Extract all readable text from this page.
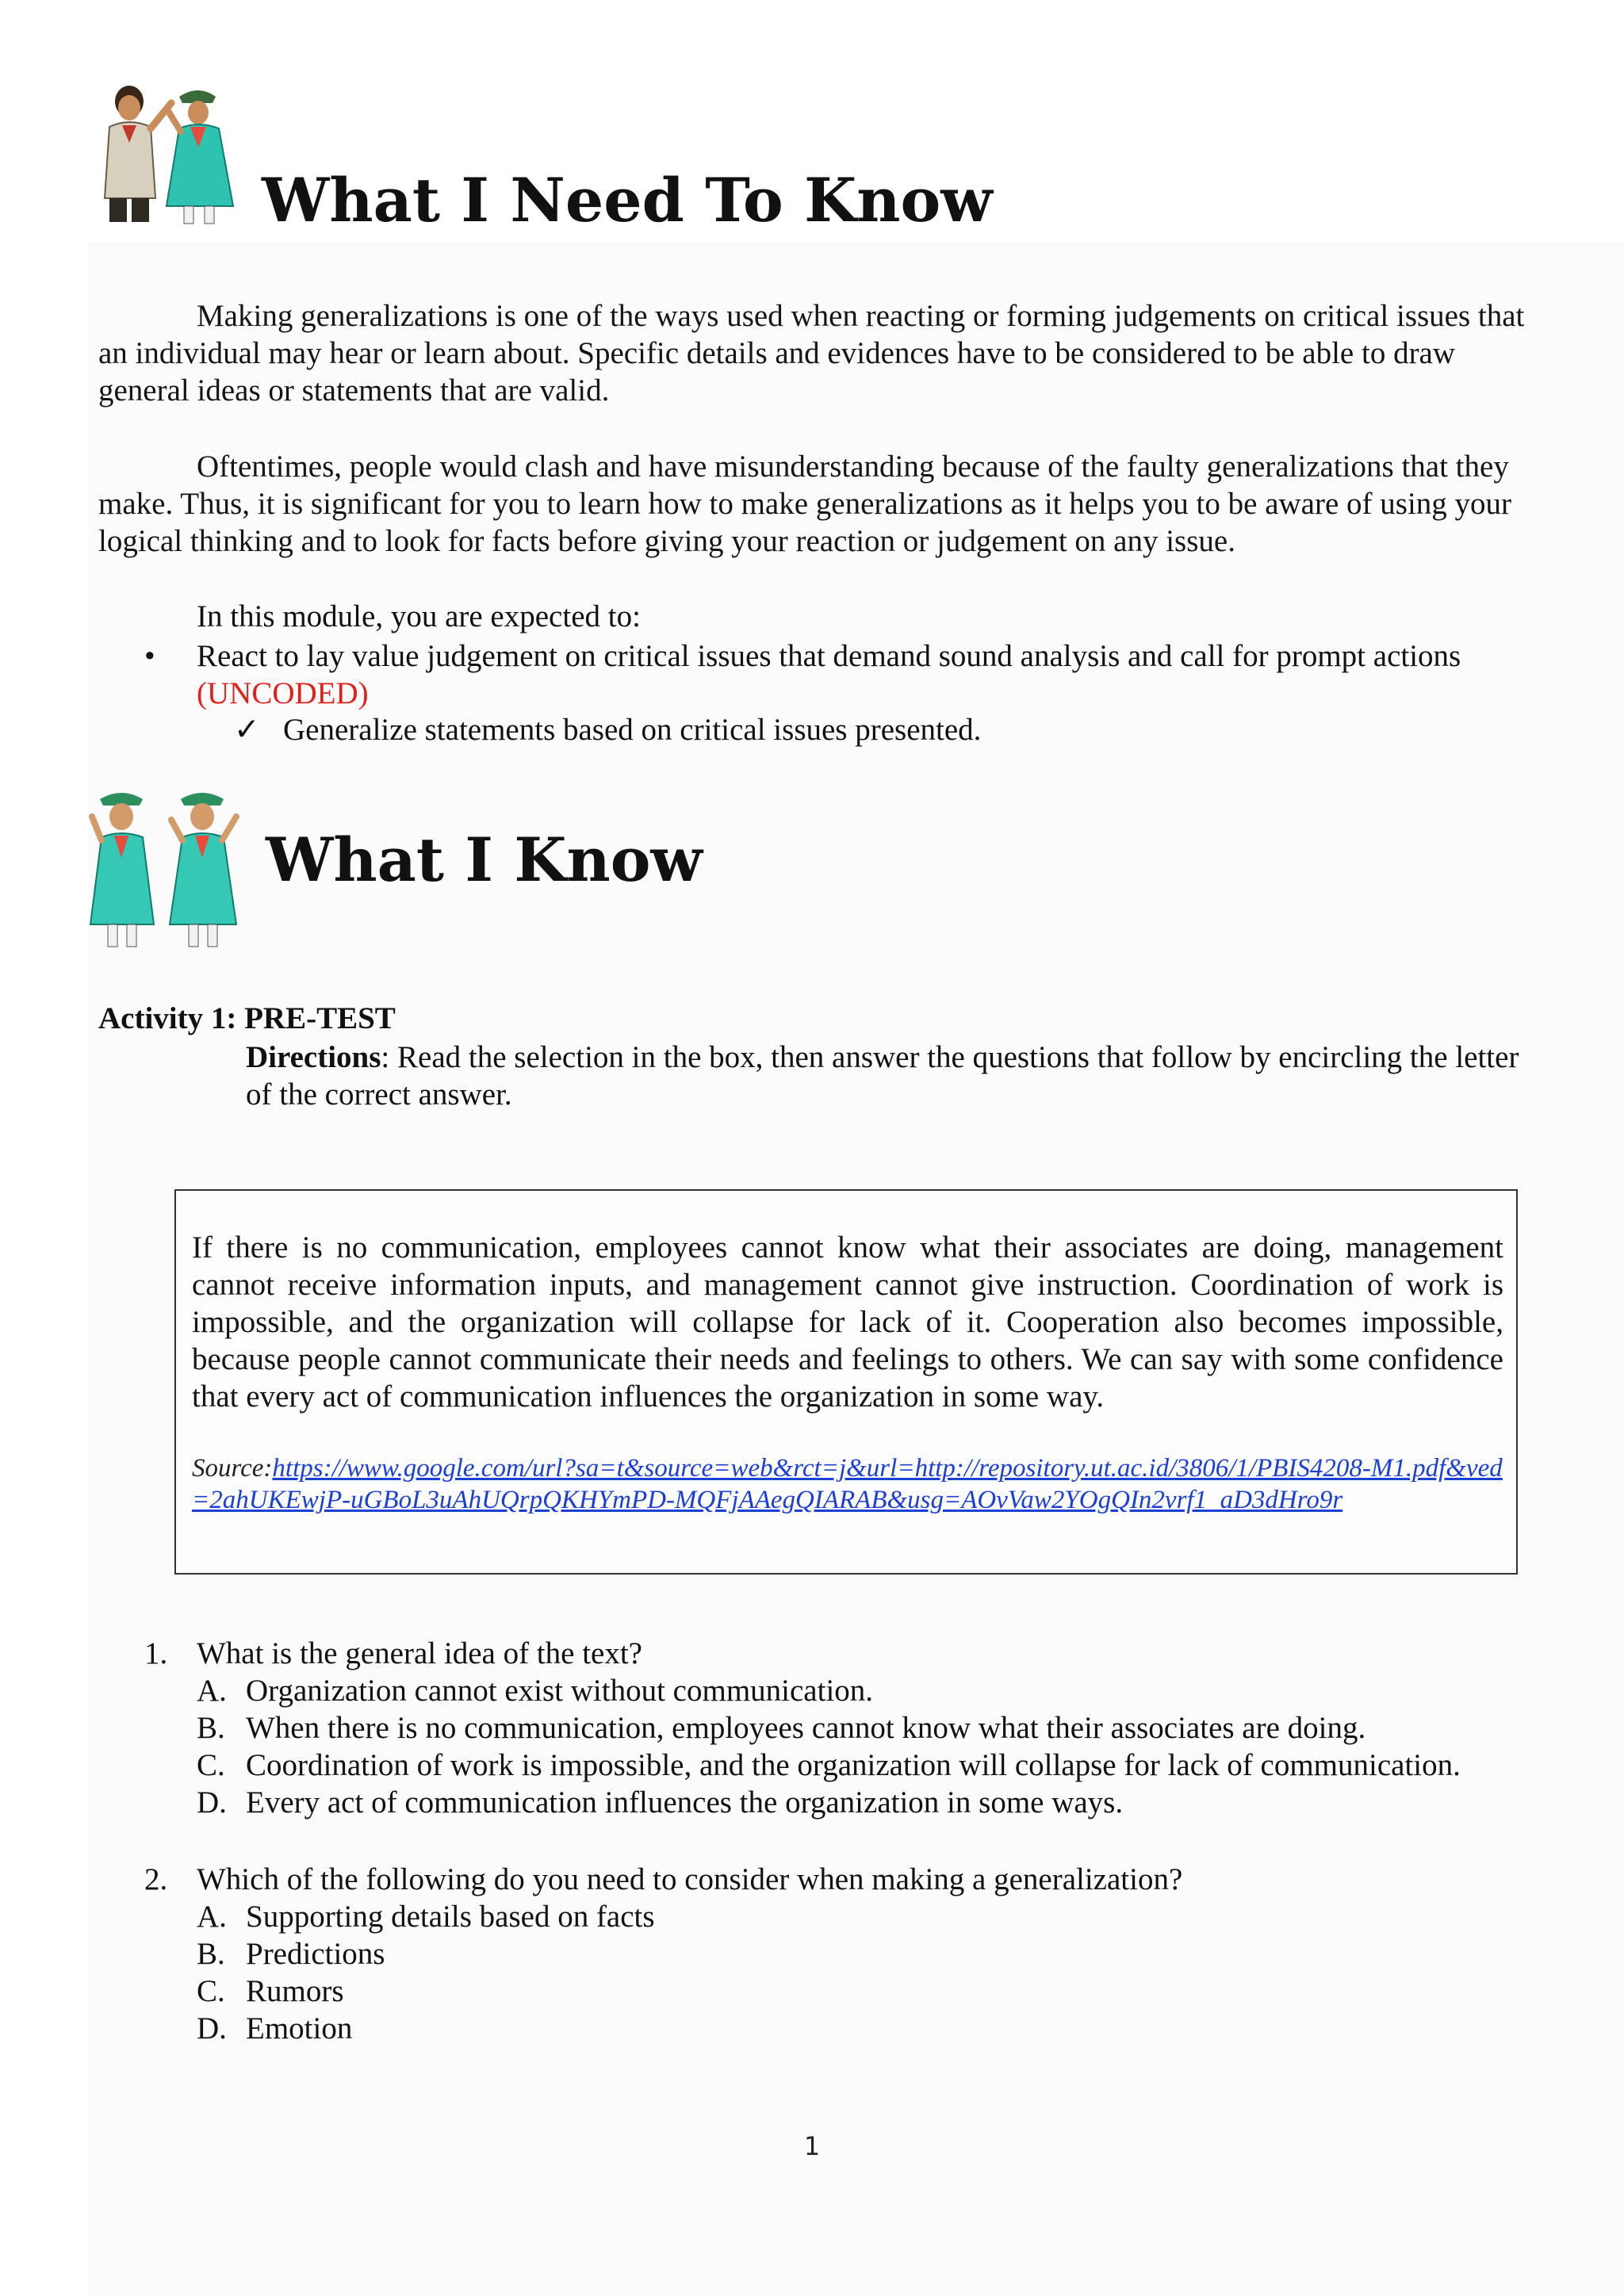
What I Need To Know

Making generalizations is one of the ways used when reacting or forming judgements on critical issues that an individual may hear or learn about. Specific details and evidences have to be considered to be able to draw general ideas or statements that are valid.

Oftentimes, people would clash and have misunderstanding because of the faulty generalizations that they make. Thus, it is significant for you to learn how to make generalizations as it helps you to be aware of using your logical thinking and to look for facts before giving your reaction or judgement on any issue.

In this module, you are expected to:

• React to lay value judgement on critical issues that demand sound analysis and call for prompt actions (UNCODED)

✓ Generalize statements based on critical issues presented.

What I Know

Activity 1: PRE-TEST

Directions: Read the selection in the box, then answer the questions that follow by encircling the letter of the correct answer.

If there is no communication, employees cannot know what their associates are doing, management cannot receive information inputs, and management cannot give instruction. Coordination of work is impossible, and the organization will collapse for lack of it. Cooperation also becomes impossible, because people cannot communicate their needs and feelings to others. We can say with some confidence that every act of communication influences the organization in some way.

Source:https://www.google.com/url?sa=t&source=web&rct=j&url=http://repository.ut.ac.id/3806/1/PBIS4208-M1.pdf&ved=2ahUKEwjP-uGBoL3uAhUQrpQKHYmPD-MQFjAAegQIARAB&usg=AOvVaw2YOgQIn2vrf1_aD3dHro9r

1. What is the general idea of the text?
A. Organization cannot exist without communication.
B. When there is no communication, employees cannot know what their associates are doing.
C. Coordination of work is impossible, and the organization will collapse for lack of communication.
D. Every act of communication influences the organization in some ways.
2. Which of the following do you need to consider when making a generalization?
A. Supporting details based on facts
B. Predictions
C. Rumors
D. Emotion

1
